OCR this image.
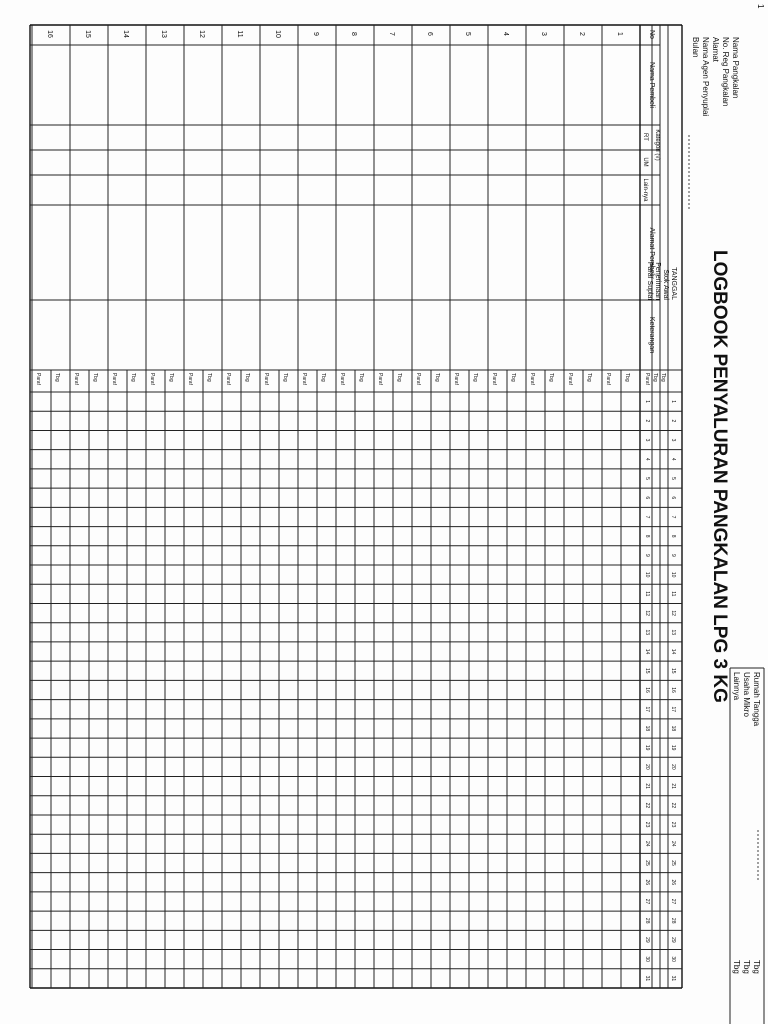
1
LOGBOOK PENYALURAN PANGKALAN LPG 3 KG
Nama Pangkalan
No. Reg Pangkalan
Alamat
Nama Agen Penyuplai
Bulan
Rumah Tangga
Tbg
Usaha Mikro
Tbg
Lainnya
Tbg
No
Nama Pembeli
Kategori (√)
RT
UM
Lain-nya
Alamat Pembeli
Keterangan
TANGGAL
Stok Awal
Penerimaan
Paraf Suplai
Tbg
Tbg
Paraf
1
1
2
2
3
3
4
4
5
5
6
6
7
7
8
8
9
9
10
10
11
11
12
12
13
13
14
14
15
15
16
16
17
17
18
18
19
19
20
20
21
21
22
22
23
23
24
24
25
25
26
26
27
27
28
28
29
29
30
30
31
31
1
Tbg
Paraf
2
Tbg
Paraf
3
Tbg
Paraf
4
Tbg
Paraf
5
Tbg
Paraf
6
Tbg
Paraf
7
Tbg
Paraf
8
Tbg
Paraf
9
Tbg
Paraf
10
Tbg
Paraf
11
Tbg
Paraf
12
Tbg
Paraf
13
Tbg
Paraf
14
Tbg
Paraf
15
Tbg
Paraf
16
Tbg
Paraf
